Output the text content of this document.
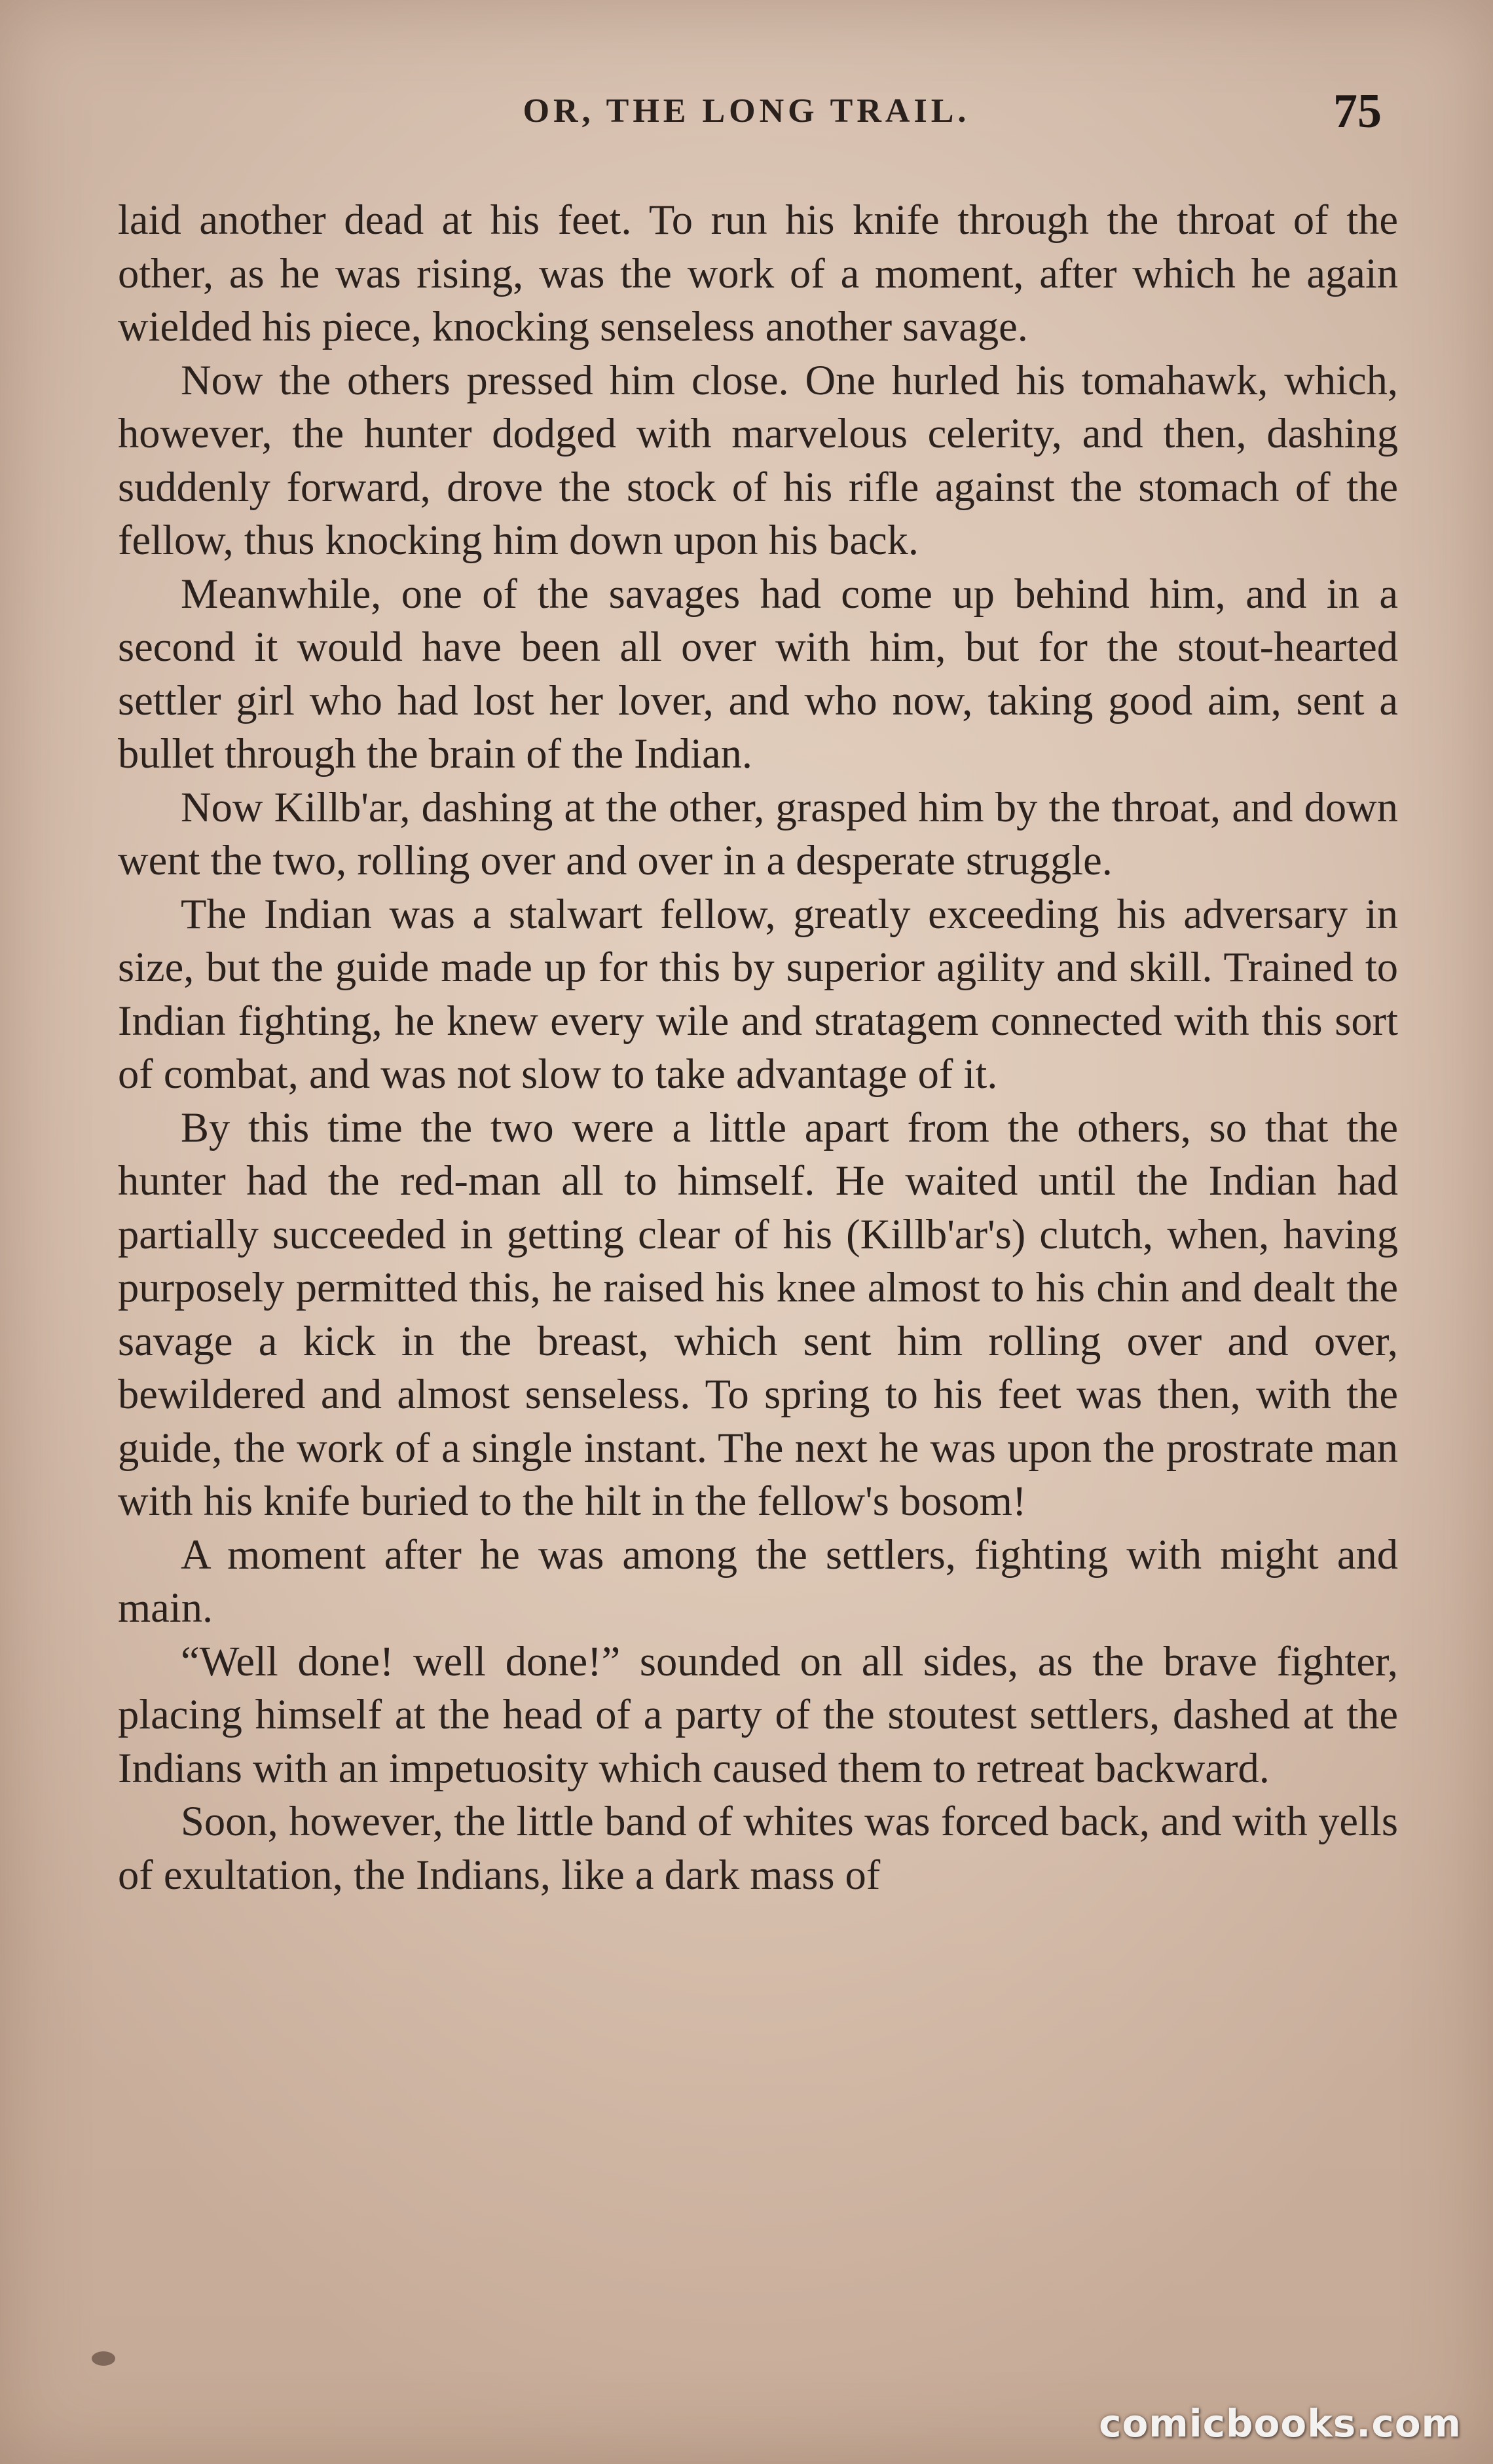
OR, THE LONG TRAIL.	75

laid another dead at his feet. To run his knife through the throat of the other, as he was rising, was the work of a moment, after which he again wielded his piece, knocking senseless another savage.

Now the others pressed him close. One hurled his tomahawk, which, however, the hunter dodged with marvelous celerity, and then, dashing suddenly forward, drove the stock of his rifle against the stomach of the fellow, thus knocking him down upon his back.

Meanwhile, one of the savages had come up behind him, and in a second it would have been all over with him, but for the stout-hearted settler girl who had lost her lover, and who now, taking good aim, sent a bullet through the brain of the Indian.

Now Killb'ar, dashing at the other, grasped him by the throat, and down went the two, rolling over and over in a desperate struggle.

The Indian was a stalwart fellow, greatly exceeding his adversary in size, but the guide made up for this by superior agility and skill. Trained to Indian fighting, he knew every wile and stratagem connected with this sort of combat, and was not slow to take advantage of it.

By this time the two were a little apart from the others, so that the hunter had the red-man all to himself. He waited until the Indian had partially succeeded in getting clear of his (Killb'ar's) clutch, when, having purposely permitted this, he raised his knee almost to his chin and dealt the savage a kick in the breast, which sent him rolling over and over, bewildered and almost senseless. To spring to his feet was then, with the guide, the work of a single instant. The next he was upon the prostrate man with his knife buried to the hilt in the fellow's bosom!

A moment after he was among the settlers, fighting with might and main.

“Well done! well done!” sounded on all sides, as the brave fighter, placing himself at the head of a party of the stoutest settlers, dashed at the Indians with an impetuosity which caused them to retreat backward.

Soon, however, the little band of whites was forced back, and with yells of exultation, the Indians, like a dark mass of

comicbooks.com
